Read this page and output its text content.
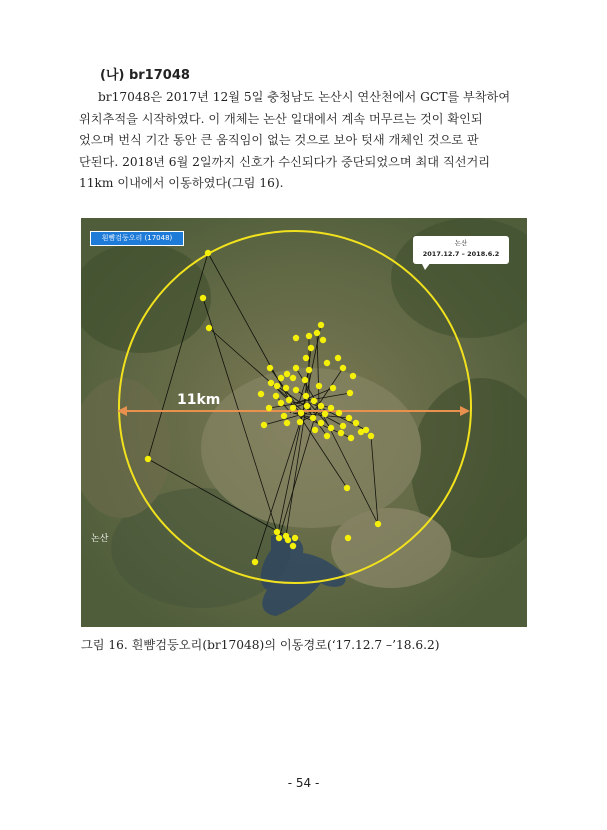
(나) br17048
br17048은 2017년 12월 5일 충청남도 논산시 연산천에서 GCT를 부착하여
위치추적을 시작하였다. 이 개체는 논산 일대에서 계속 머무르는 것이 확인되
었으며 번식 기간 동안 큰 움직임이 없는 것으로 보아 텃새 개체인 것으로 판
단된다. 2018년 6월 2일까지 신호가 수신되다가 중단되었으며 최대 직선거리
11km 이내에서 이동하였다(그림 16).
흰뺨검둥오리 (17048)
논산
2017.12.7 – 2018.6.2
11km
논산
그림 16. 흰뺨검둥오리(br17048)의 이동경로(‘17.12.7 –’18.6.2)
- 54 -
